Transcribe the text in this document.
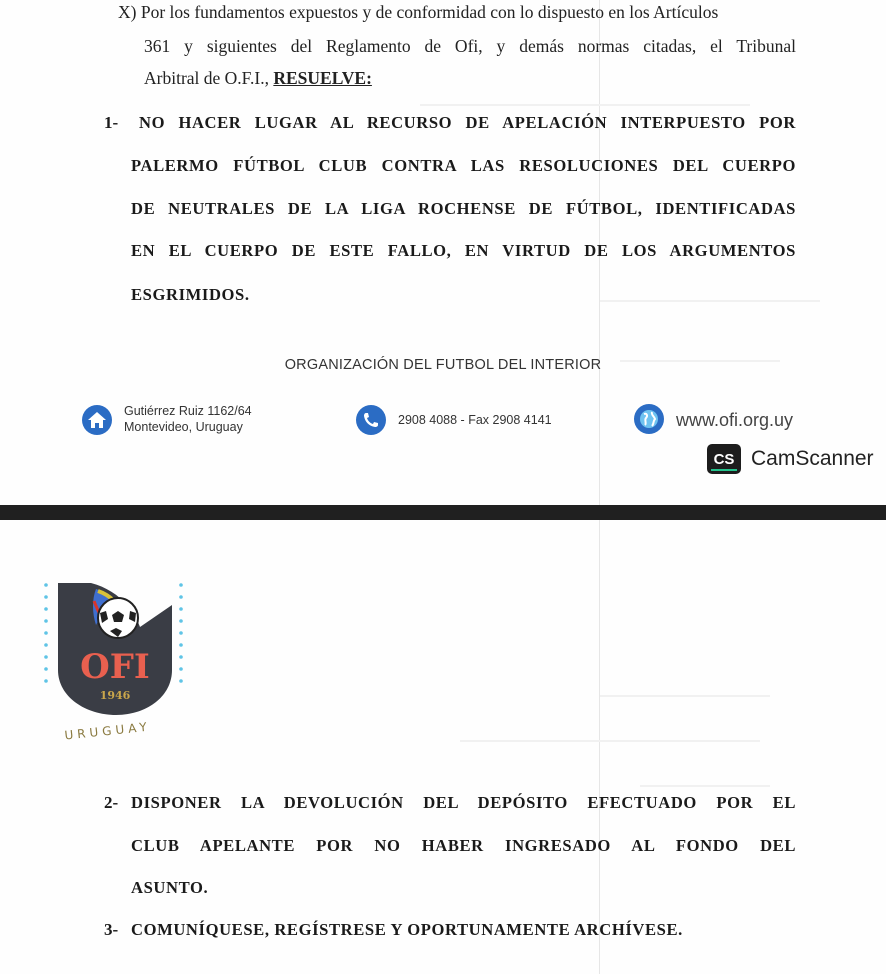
X) Por los fundamentos expuestos y de conformidad con lo dispuesto en los Artículos
361 y siguientes del Reglamento de Ofi, y demás normas citadas, el Tribunal
Arbitral de O.F.I., RESUELVE:
1- NO HACER LUGAR AL RECURSO DE APELACIÓN INTERPUESTO POR
PALERMO FÚTBOL CLUB CONTRA LAS RESOLUCIONES DEL CUERPO
DE NEUTRALES DE LA LIGA ROCHENSE DE FÚTBOL, IDENTIFICADAS
EN EL CUERPO DE ESTE FALLO, EN VIRTUD DE LOS ARGUMENTOS
ESGRIMIDOS.
ORGANIZACIÓN DEL FUTBOL DEL INTERIOR
Gutiérrez Ruiz 1162/64
Montevideo, Uruguay	2908 4088 - Fax 2908 4141	www.ofi.org.uy
CS CamScanner
OFI
1946
URUGUAY
2- DISPONER LA DEVOLUCIÓN DEL DEPÓSITO EFECTUADO POR EL
CLUB APELANTE POR NO HABER INGRESADO AL FONDO DEL
ASUNTO.
3- COMUNÍQUESE, REGÍSTRESE Y OPORTUNAMENTE ARCHÍVESE.
